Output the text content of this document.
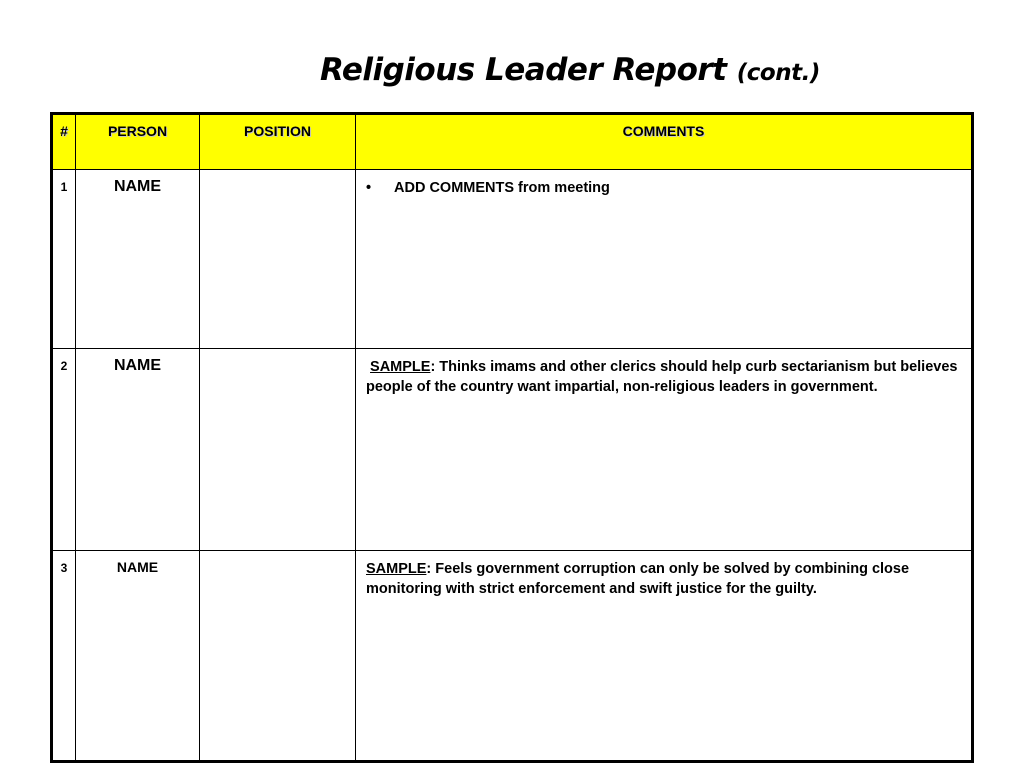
Religious Leader Report (cont.)
#	PERSON	POSITION	COMMENTS
1	NAME		• ADD COMMENTS from meeting
2	NAME		SAMPLE: Thinks imams and other clerics should help curb sectarianism but believes people of the country want impartial, non-religious leaders in government.
3	NAME		SAMPLE: Feels government corruption can only be solved by combining close monitoring with strict enforcement and swift justice for the guilty.
